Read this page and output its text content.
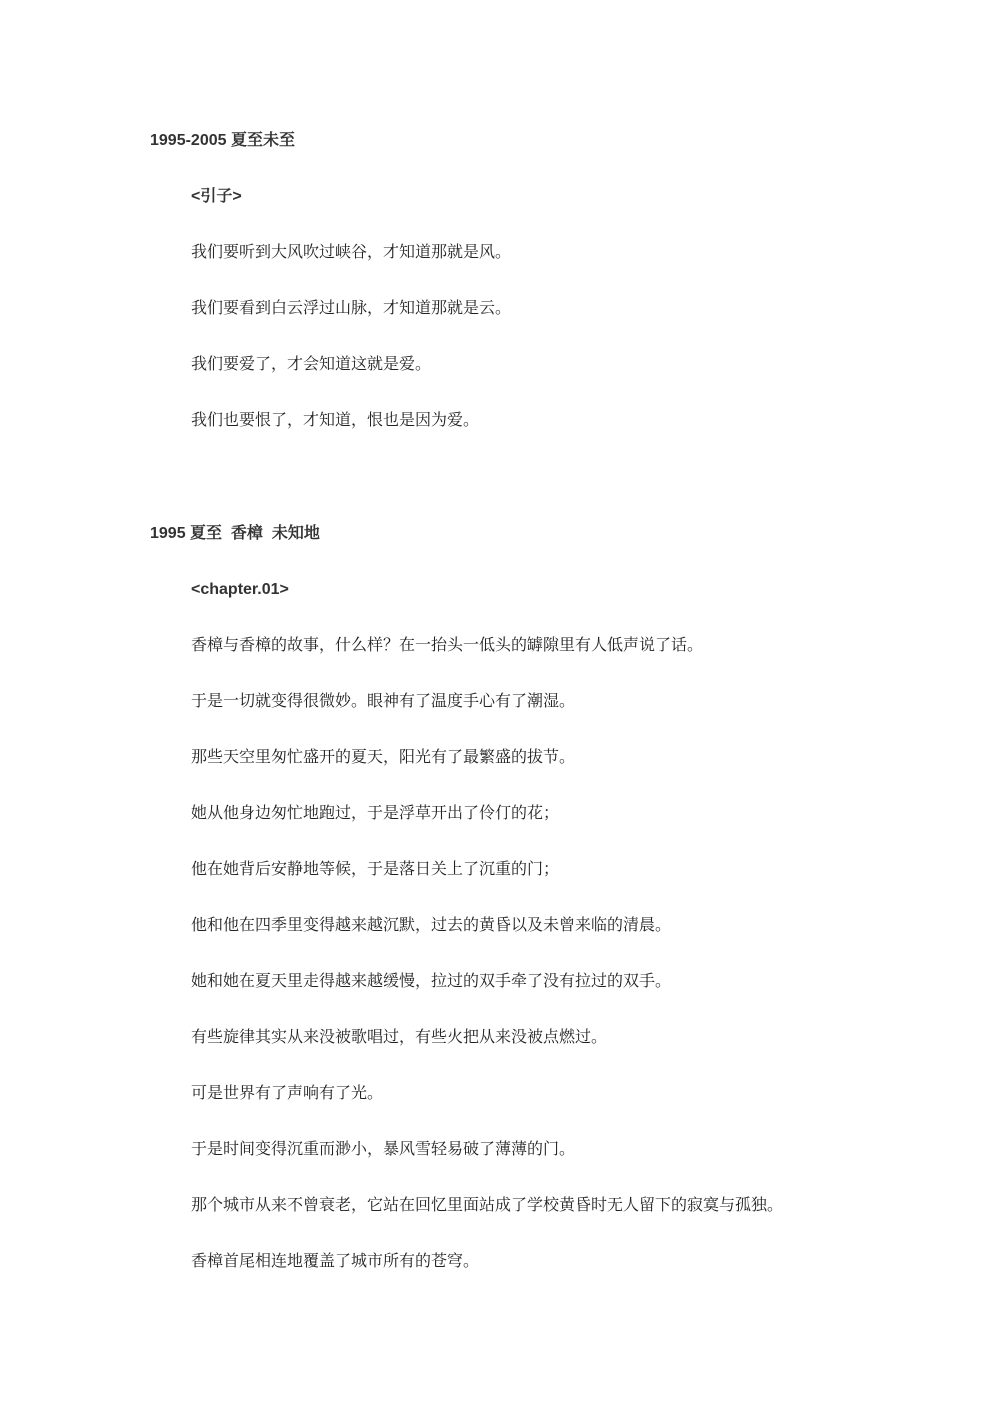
1995-2005 夏至未至
<引子>
我们要听到大风吹过峡谷，才知道那就是风。
我们要看到白云浮过山脉，才知道那就是云。
我们要爱了，才会知道这就是爱。
我们也要恨了，才知道，恨也是因为爱。
1995 夏至  香樟  未知地
<chapter.01>
香樟与香樟的故事，什么样？在一抬头一低头的罅隙里有人低声说了话。
于是一切就变得很微妙。眼神有了温度手心有了潮湿。
那些天空里匆忙盛开的夏天，阳光有了最繁盛的拔节。
她从他身边匆忙地跑过，于是浮草开出了伶仃的花；
他在她背后安静地等候，于是落日关上了沉重的门；
他和他在四季里变得越来越沉默，过去的黄昏以及未曾来临的清晨。
她和她在夏天里走得越来越缓慢，拉过的双手牵了没有拉过的双手。
有些旋律其实从来没被歌唱过，有些火把从来没被点燃过。
可是世界有了声响有了光。
于是时间变得沉重而渺小，暴风雪轻易破了薄薄的门。
那个城市从来不曾衰老，它站在回忆里面站成了学校黄昏时无人留下的寂寞与孤独。
香樟首尾相连地覆盖了城市所有的苍穹。
